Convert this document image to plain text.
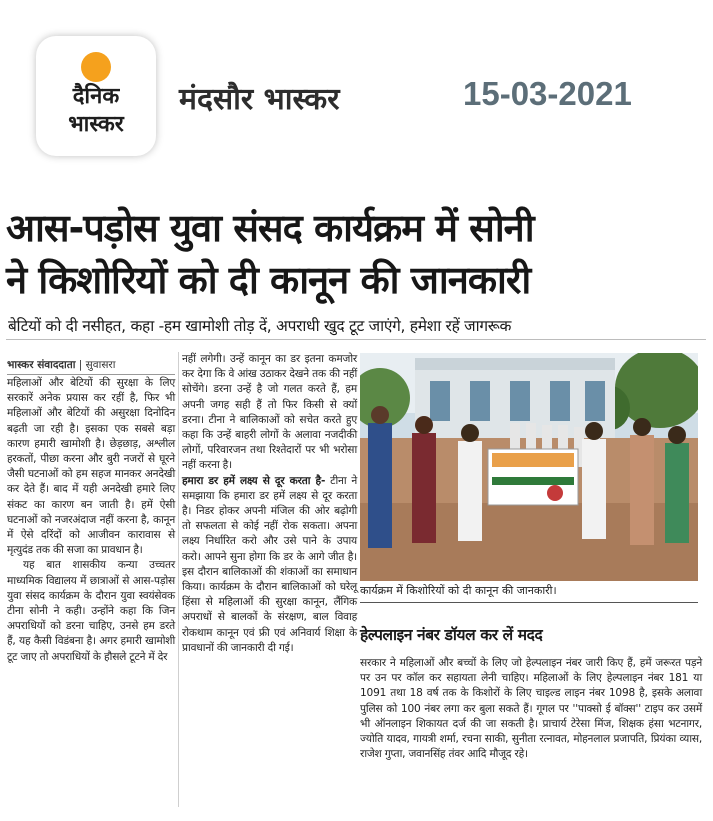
दैनिक
भास्कर
मंदसौर भास्कर	15-03-2021
आस-पड़ोस युवा संसद कार्यक्रम में सोनी
ने किशोरियों को दी कानून की जानकारी
बेटियों को दी नसीहत, कहा -हम खामोशी तोड़ दें, अपराधी खुद टूट जाएंगे, हमेशा रहें जागरूक
भास्कर संवाददाता | सुवासरा

महिलाओं और बेटियों की सुरक्षा के लिए सरकारें अनेक प्रयास कर रहीं है, फिर भी महिलाओं और बेटियों की असुरक्षा दिनोदिन बढ़ती जा रही है। इसका एक सबसे बड़ा कारण हमारी खामोशी है। छेड़छाड़, अश्लील हरकतों, पीछा करना और बुरी नजरों से घूरने जैसी घटनाओं को हम सहज मानकर अनदेखी कर देते हैं। बाद में यही अनदेखी हमारे लिए संकट का कारण बन जाती है। हमें ऐसी घटनाओं को नजरअंदाज नहीं करना है, कानून में ऐसे दरिंदों को आजीवन कारावास से मृत्युदंड तक की सजा का प्रावधान है।

यह बात शासकीय कन्या उच्चतर माध्यमिक विद्यालय में छात्राओं से आस-पड़ोस युवा संसद कार्यक्रम के दौरान युवा स्वयंसेवक टीना सोनी ने कही। उन्होंने कहा कि जिन अपराधियों को डरना चाहिए, उनसे हम डरते हैं, यह कैसी विडंबना है। अगर हमारी खामोशी टूट जाए तो अपराधियों के हौसले टूटने में देर

नहीं लगेगी। उन्हें कानून का डर इतना कमजोर कर देगा कि वे आंख उठाकर देखने तक की नहीं सोचेंगे। डरना उन्हें है जो गलत करते हैं, हम अपनी जगह सही हैं तो फिर किसी से क्यों डरना। टीना ने बालिकाओं को सचेत करते हुए कहा कि उन्हें बाहरी लोगों के अलावा नजदीकी लोगों, परिवारजन तथा रिश्तेदारों पर भी भरोसा नहीं करना है।

हमारा डर हमें लक्ष्य से दूर करता है- टीना ने समझाया कि हमारा डर हमें लक्ष्य से दूर करता है। निडर होकर अपनी मंजिल की ओर बढ़ोगी तो सफलता से कोई नहीं रोक सकता। अपना लक्ष्य निर्धारित करो और उसे पाने के उपाय करो। आपने सुना होगा कि डर के आगे जीत है। इस दौरान बालिकाओं की शंकाओं का समाधान किया। कार्यक्रम के दौरान बालिकाओं को घरेलू हिंसा से महिलाओं की सुरक्षा कानून, लैंगिक अपराधों से बालकों के संरक्षण, बाल विवाह रोकथाम कानून एवं फ्री एवं अनिवार्य शिक्षा के प्रावधानों की जानकारी दी गई।

कार्यक्रम में किशोरियों को दी कानून की जानकारी।
हेल्पलाइन नंबर डॉयल कर लें मदद

सरकार ने महिलाओं और बच्चों के लिए जो हेल्पलाइन नंबर जारी किए हैं, हमें जरूरत पड़ने पर उन पर कॉल कर सहायता लेनी चाहिए। महिलाओं के लिए हेल्पलाइन नंबर 181 या 1091 तथा 18 वर्ष तक के किशोरों के लिए चाइल्ड लाइन नंबर 1098 है, इसके अलावा पुलिस को 100 नंबर लगा कर बुला सकते हैं। गूगल पर ''पाक्सो ई बॉक्स'' टाइप कर उसमें भी ऑनलाइन शिकायत दर्ज की जा सकती है। प्राचार्य टेरेसा मिंज, शिक्षक हंसा भटनागर, ज्योति यादव, गायत्री शर्मा, रचना साकी, सुनीता रत्नावत, मोहनलाल प्रजापति, प्रियंका व्यास, राजेश गुप्ता, जवानसिंह तंवर आदि मौजूद रहे।
